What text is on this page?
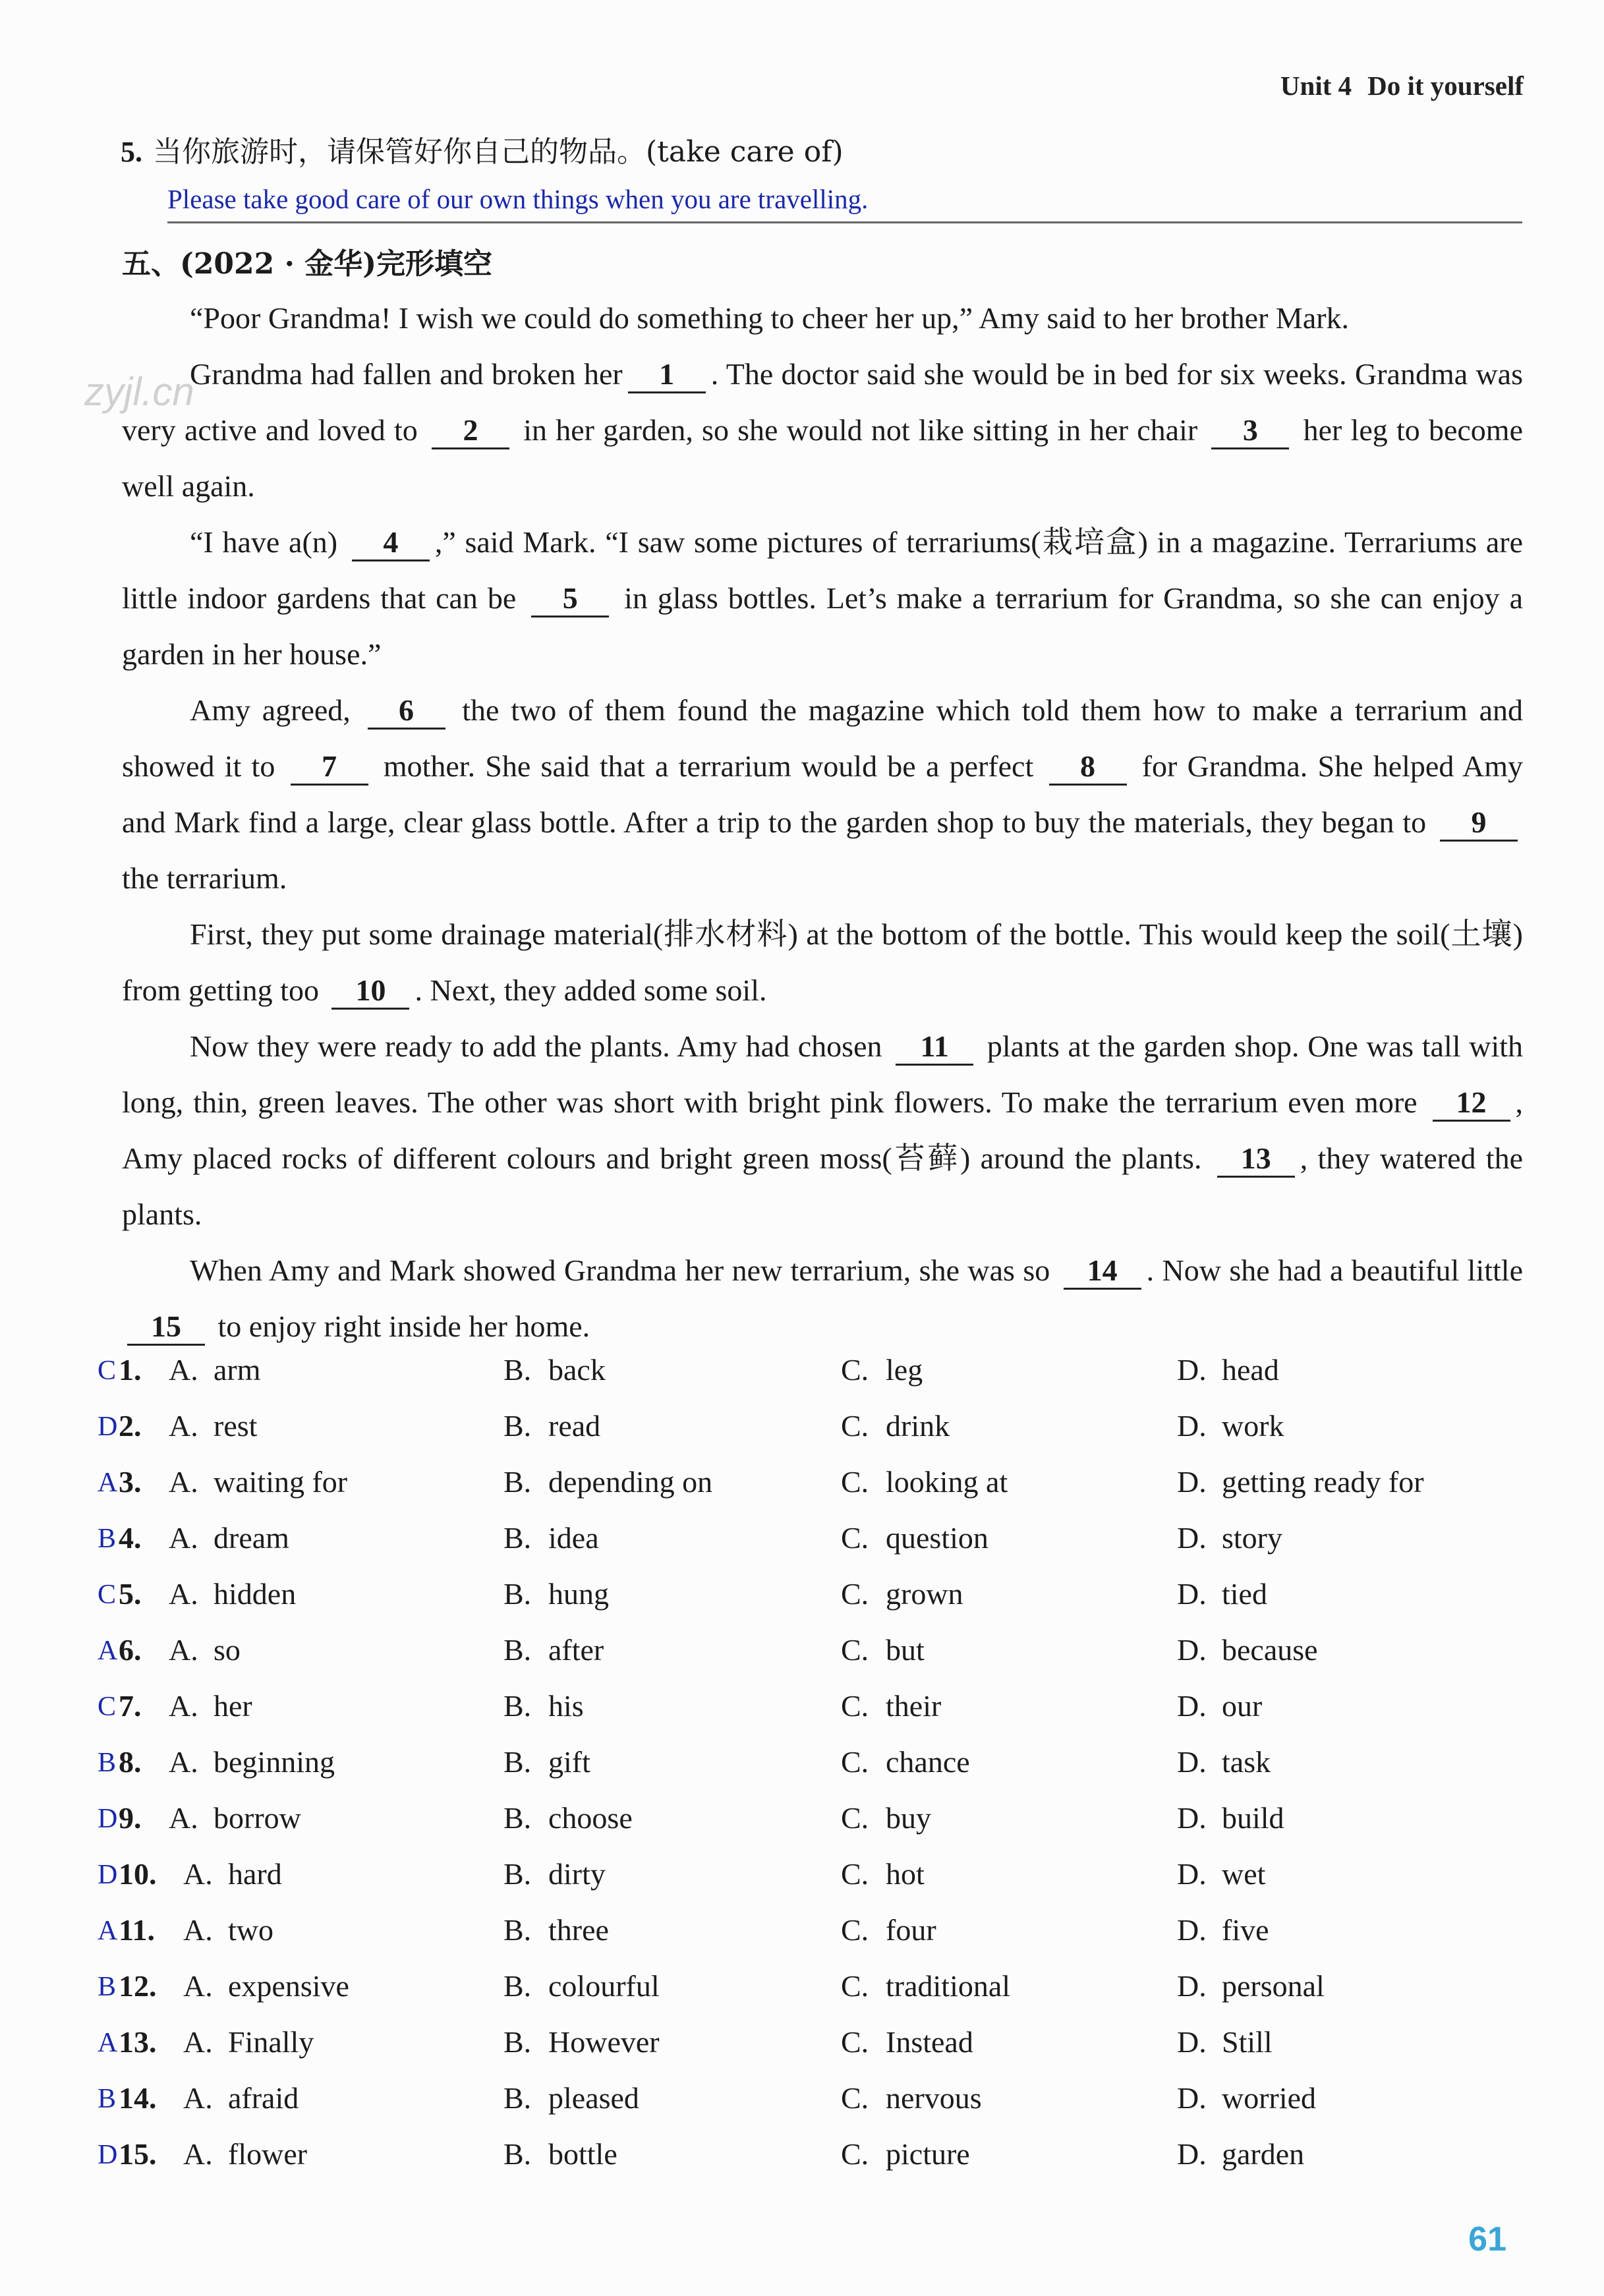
Unit 4 Do it yourself
5. 当你旅游时，请保管好你自己的物品。(take care of)
Please take good care of our own things when you are travelling.
五、(2022 · 金华)完形填空
zyjl.cn

“Poor Grandma! I wish we could do something to cheer her up,” Amy said to her brother Mark.

Grandma had fallen and broken her 1 . The doctor said she would be in bed for six weeks. Grandma was very active and loved to 2 in her garden, so she would not like sitting in her chair 3 her leg to become well again.

“I have a(n) 4 ,” said Mark. “I saw some pictures of terrariums(栽培盒) in a magazine. Terrariums are little indoor gardens that can be 5 in glass bottles. Let’s make a terrarium for Grandma, so she can enjoy a garden in her house.”

Amy agreed, 6 the two of them found the magazine which told them how to make a terrarium and showed it to 7 mother. She said that a terrarium would be a perfect 8 for Grandma. She helped Amy and Mark find a large, clear glass bottle. After a trip to the garden shop to buy the materials, they began to 9 the terrarium.

First, they put some drainage material(排水材料) at the bottom of the bottle. This would keep the soil(土壤) from getting too 10 . Next, they added some soil.

Now they were ready to add the plants. Amy had chosen 11 plants at the garden shop. One was tall with long, thin, green leaves. The other was short with bright pink flowers. To make the terrarium even more 12 , Amy placed rocks of different colours and bright green moss(苔藓) around the plants. 13 , they watered the plants.

When Amy and Mark showed Grandma her new terrarium, she was so 14 . Now she had a beautiful little 15 to enjoy right inside her home.

C 1. A. arm	B. back	C. leg	D. head
D 2. A. rest	B. read	C. drink	D. work
A 3. A. waiting for	B. depending on	C. looking at	D. getting ready for
B 4. A. dream	B. idea	C. question	D. story
C 5. A. hidden	B. hung	C. grown	D. tied
A 6. A. so	B. after	C. but	D. because
C 7. A. her	B. his	C. their	D. our
B 8. A. beginning	B. gift	C. chance	D. task
D 9. A. borrow	B. choose	C. buy	D. build
D 10. A. hard	B. dirty	C. hot	D. wet
A 11. A. two	B. three	C. four	D. five
B 12. A. expensive	B. colourful	C. traditional	D. personal
A 13. A. Finally	B. However	C. Instead	D. Still
B 14. A. afraid	B. pleased	C. nervous	D. worried
D 15. A. flower	B. bottle	C. picture	D. garden
61
